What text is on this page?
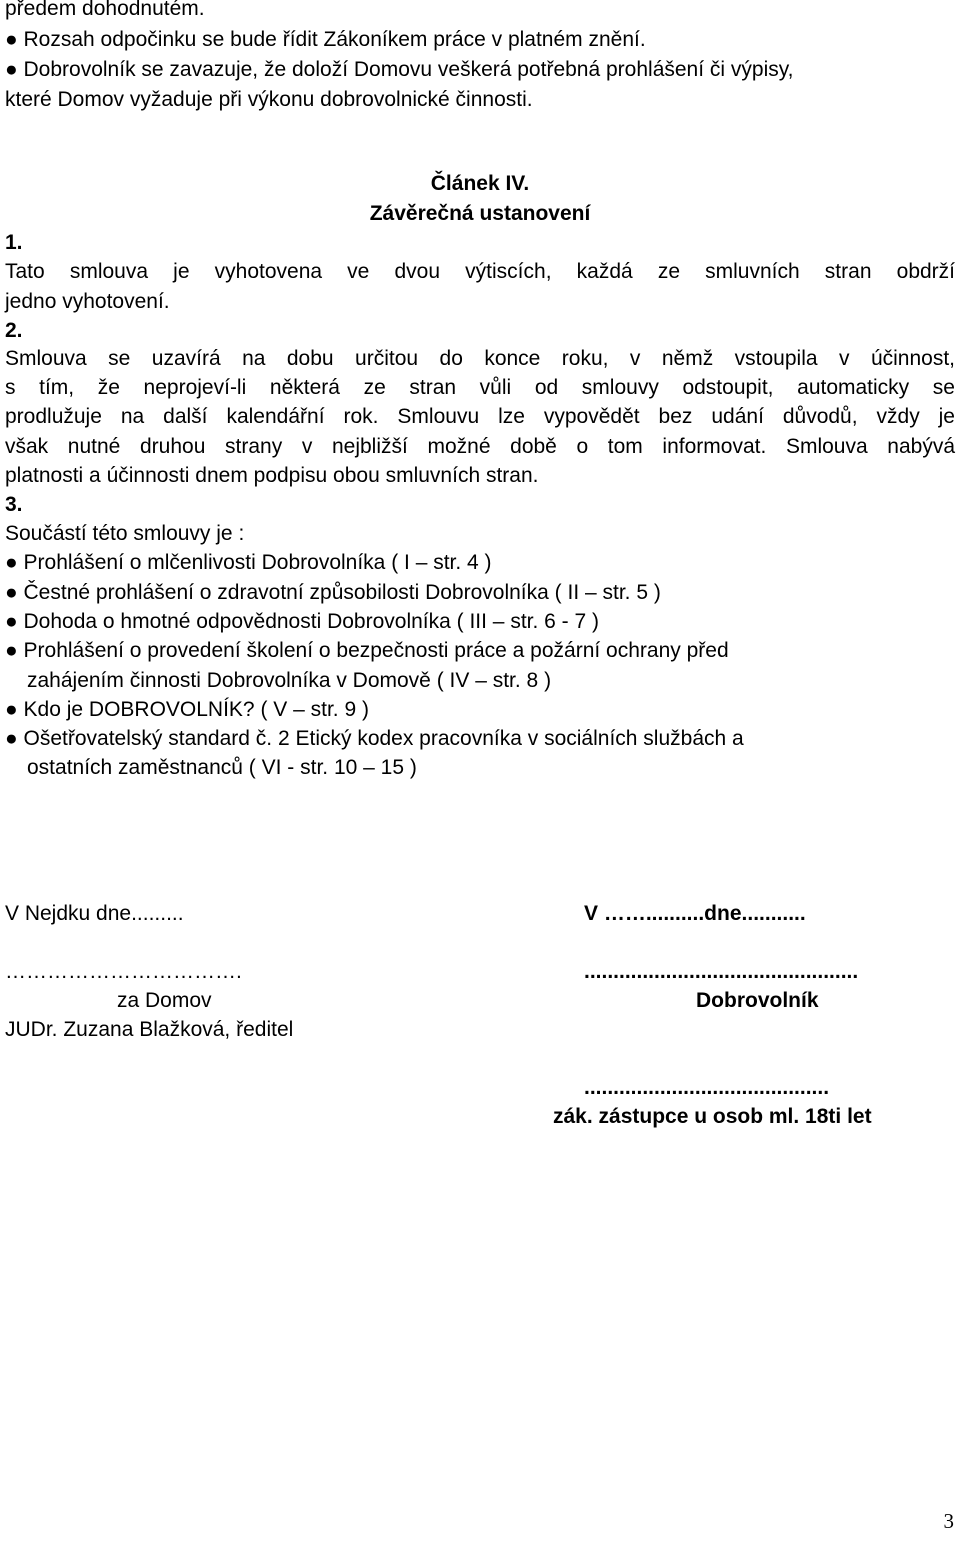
předem dohodnutém.
● Rozsah odpočinku se bude řídit Zákoníkem práce v platném znění.
● Dobrovolník se zavazuje, že doloží Domovu veškerá potřebná prohlášení či výpisy,
které Domov vyžaduje při výkonu dobrovolnické činnosti.
Článek IV.
Závěrečná ustanovení
1.
Tato smlouva je vyhotovena ve dvou výtiscích, každá ze smluvních stran obdrží
jedno vyhotovení.
2.
Smlouva se uzavírá na dobu určitou do konce roku, v němž vstoupila v účinnost,
s tím, že neprojeví-li některá ze stran vůli od smlouvy odstoupit, automaticky se
prodlužuje na další kalendářní rok. Smlouvu lze vypovědět bez udání důvodů, vždy je
však nutné druhou strany v nejbližší možné době o tom informovat. Smlouva nabývá
platnosti a účinnosti dnem podpisu obou smluvních stran.
3.
Součástí této smlouvy je :
● Prohlášení o mlčenlivosti Dobrovolníka ( I – str. 4 )
● Čestné prohlášení o zdravotní způsobilosti Dobrovolníka ( II – str. 5 )
● Dohoda o hmotné odpovědnosti Dobrovolníka ( III – str. 6 - 7 )
● Prohlášení o provedení školení o bezpečnosti práce a požární ochrany před
zahájením činnosti Dobrovolníka v Domově ( IV – str. 8 )
● Kdo je DOBROVOLNÍK? ( V – str. 9 )
● Ošetřovatelský standard č. 2 Etický kodex pracovníka v sociálních službách a
ostatních zaměstnanců ( VI - str. 10 – 15 )
V Nejdku dne.........
…………………………….
za Domov
JUDr. Zuzana Blažková, ředitel
V ……..........dne...........
...............................................
Dobrovolník
..........................................
zák. zástupce u osob ml. 18ti let
3
